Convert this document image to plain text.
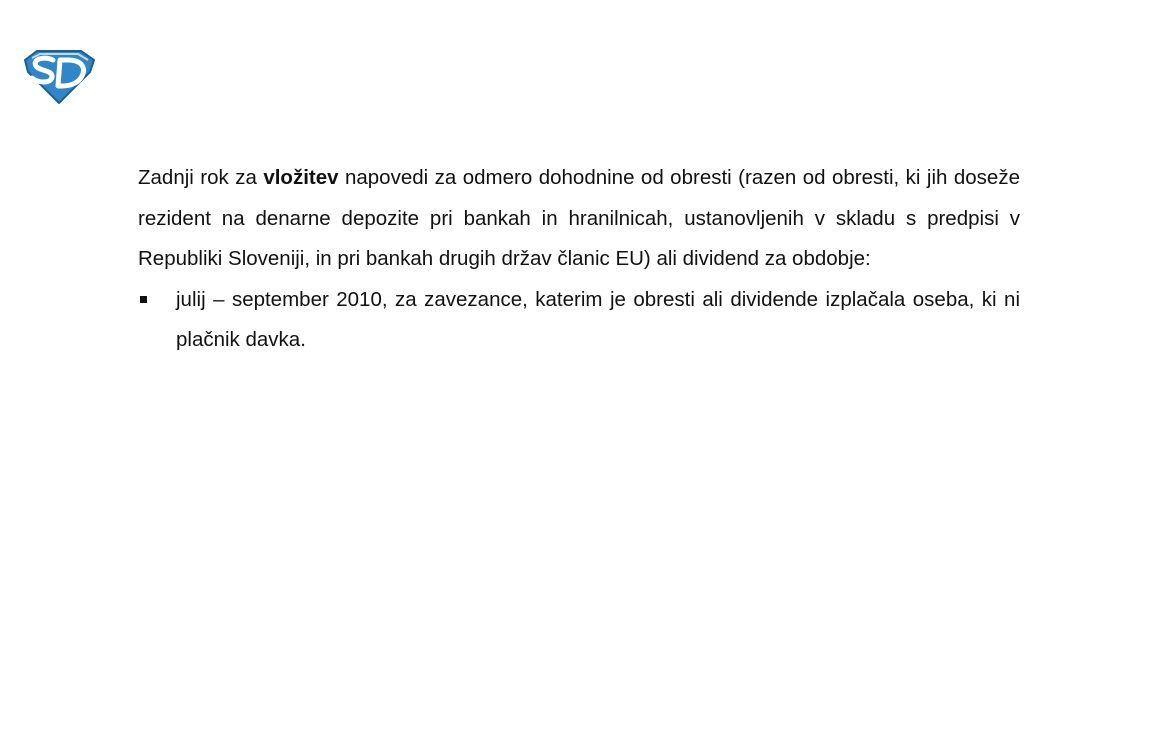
Zadnji rok za vložitev napovedi za odmero dohodnine od obresti (razen od obresti, ki jih doseže rezident na denarne depozite pri bankah in hranilnicah, ustanovljenih v skladu s predpisi v Republiki Sloveniji, in pri bankah drugih držav članic EU) ali dividend za obdobje:

julij – september 2010, za zavezance, katerim je obresti ali dividende izplačala oseba, ki ni plačnik davka.
